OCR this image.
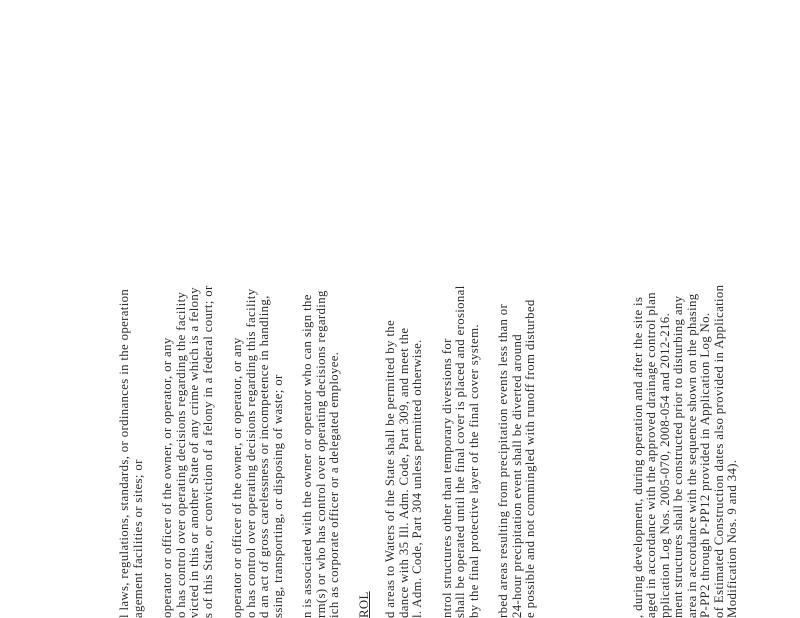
l laws, regulations, standards, or ordinances in the operation agement facilities or sites; or operator or officer of the owner, or operator, or any o has control over operating decisions regarding the facility victed in this or another State of any crime which is a felony s of this State, or conviction of a felony in a federal court; or operator or officer of the owner, or operator, or any o has control over operating decisions regarding this facility d an act of gross carelessness or incompetence in handling, ssing, transporting, or disposing of waste; or n is associated with the owner or operator who can sign the rm(s) or who has control over operating decisions regarding ich as corporate officer or a delegated employee. ROL d areas to Waters of the State shall be permitted by the dance with 35 Ill. Adm. Code, Part 309, and meet the l. Adm. Code, Part 304 unless permitted otherwise. ntrol structures other than temporary diversions for shall be operated until the final cover is placed and erosional by the final protective layer of the final cover system. rbed areas resulting from precipitation events less than or 24-hour precipitation event shall be diverted around e possible and not commingled with runoff from disturbed	, during development, during operation and after the site is aged in accordance with the approved drainage control plan pplication Log Nos. 2005-070, 2008-054 and 2012-216. ment structures shall be constructed prior to disturbing any area in accordance with the sequence shown on the phasing P-PP2 through P-PP12 provided in Application Log No. of Estimated Construction dates also provided in Application Modification Nos. 9 and 34).
